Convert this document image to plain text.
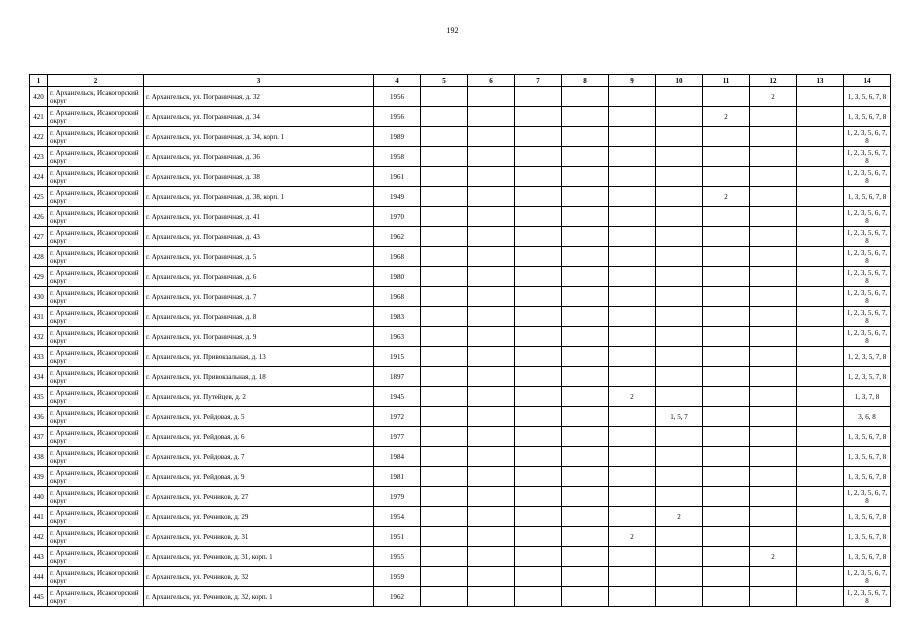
192
1	2	3	4	5	6	7	8	9	10	11	12	13	14
420	г. Архангельск, Исакогорский округ	г. Архангельск, ул. Пограничная, д. 32	1956								2		1, 3, 5, 6, 7, 8
421	г. Архангельск, Исакогорский округ	г. Архангельск, ул. Пограничная, д. 34	1956							2			1, 3, 5, 6, 7, 8
422	г. Архангельск, Исакогорский округ	г. Архангельск, ул. Пограничная, д. 34, корп. 1	1989										1, 2, 3, 5, 6, 7, 8
423	г. Архангельск, Исакогорский округ	г. Архангельск, ул. Пограничная, д. 36	1958										1, 2, 3, 5, 6, 7, 8
424	г. Архангельск, Исакогорский округ	г. Архангельск, ул. Пограничная, д. 38	1961										1, 2, 3, 5, 6, 7, 8
425	г. Архангельск, Исакогорский округ	г. Архангельск, ул. Пограничная, д. 38, корп. 1	1949							2			1, 3, 5, 6, 7, 8
426	г. Архангельск, Исакогорский округ	г. Архангельск, ул. Пограничная, д. 41	1970										1, 2, 3, 5, 6, 7, 8
427	г. Архангельск, Исакогорский округ	г. Архангельск, ул. Пограничная, д. 43	1962										1, 2, 3, 5, 6, 7, 8
428	г. Архангельск, Исакогорский округ	г. Архангельск, ул. Пограничная, д. 5	1968										1, 2, 3, 5, 6, 7, 8
429	г. Архангельск, Исакогорский округ	г. Архангельск, ул. Пограничная, д. 6	1980										1, 2, 3, 5, 6, 7, 8
430	г. Архангельск, Исакогорский округ	г. Архангельск, ул. Пограничная, д. 7	1968										1, 2, 3, 5, 6, 7, 8
431	г. Архангельск, Исакогорский округ	г. Архангельск, ул. Пограничная, д. 8	1983										1, 2, 3, 5, 6, 7, 8
432	г. Архангельск, Исакогорский округ	г. Архангельск, ул. Пограничная, д. 9	1963										1, 2, 3, 5, 6, 7, 8
433	г. Архангельск, Исакогорский округ	г. Архангельск, ул. Привокзальная, д. 13	1915										1, 2, 3, 5, 7, 8
434	г. Архангельск, Исакогорский округ	г. Архангельск, ул. Привокзальная, д. 18	1897										1, 2, 3, 5, 7, 8
435	г. Архангельск, Исакогорский округ	г. Архангельск, ул. Путейцев, д. 2	1945					2					1, 3, 7, 8
436	г. Архангельск, Исакогорский округ	г. Архангельск, ул. Рейдовая, д. 5	1972						1, 5, 7				3, 6, 8
437	г. Архангельск, Исакогорский округ	г. Архангельск, ул. Рейдовая, д. 6	1977										1, 3, 5, 6, 7, 8
438	г. Архангельск, Исакогорский округ	г. Архангельск, ул. Рейдовая, д. 7	1984										1, 3, 5, 6, 7, 8
439	г. Архангельск, Исакогорский округ	г. Архангельск, ул. Рейдовая, д. 9	1981										1, 3, 5, 6, 7, 8
440	г. Архангельск, Исакогорский округ	г. Архангельск, ул. Речников, д. 27	1979										1, 2, 3, 5, 6, 7, 8
441	г. Архангельск, Исакогорский округ	г. Архангельск, ул. Речников, д. 29	1954						2				1, 3, 5, 6, 7, 8
442	г. Архангельск, Исакогорский округ	г. Архангельск, ул. Речников, д. 31	1951					2					1, 3, 5, 6, 7, 8
443	г. Архангельск, Исакогорский округ	г. Архангельск, ул. Речников, д. 31, корп. 1	1955								2		1, 3, 5, 6, 7, 8
444	г. Архангельск, Исакогорский округ	г. Архангельск, ул. Речников, д. 32	1959										1, 2, 3, 5, 6, 7, 8
445	г. Архангельск, Исакогорский округ	г. Архангельск, ул. Речников, д. 32, корп. 1	1962										1, 2, 3, 5, 6, 7, 8
